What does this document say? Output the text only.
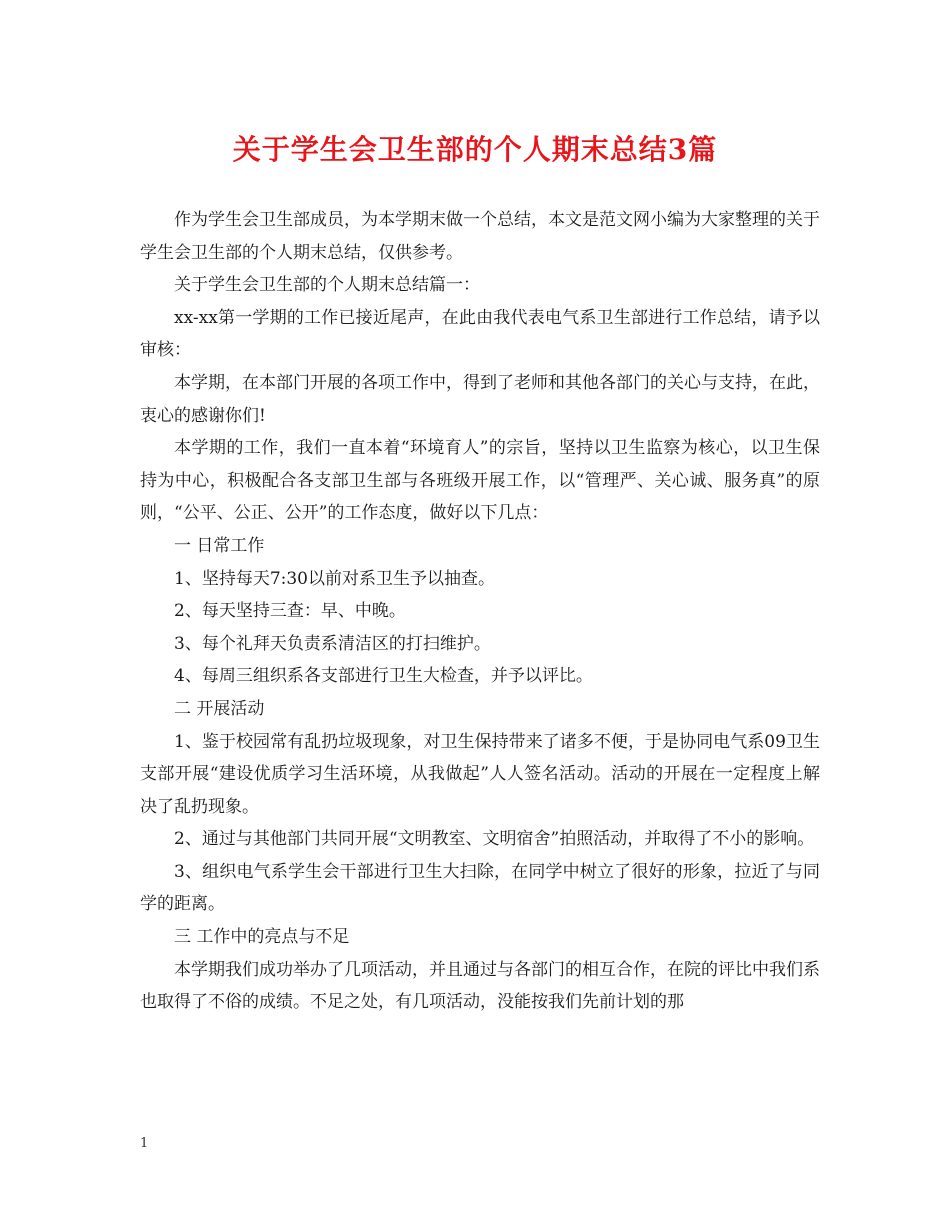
关于学生会卫生部的个人期末总结3篇

作为学生会卫生部成员，为本学期末做一个总结，本文是范文网小编为大家整理的关于学生会卫生部的个人期末总结，仅供参考。

关于学生会卫生部的个人期末总结篇一：

xx-xx第一学期的工作已接近尾声，在此由我代表电气系卫生部进行工作总结，请予以审核：

本学期，在本部门开展的各项工作中，得到了老师和其他各部门的关心与支持，在此，衷心的感谢你们!

本学期的工作，我们一直本着“环境育人”的宗旨，坚持以卫生监察为核心，以卫生保持为中心，积极配合各支部卫生部与各班级开展工作，以“管理严、关心诚、服务真”的原则，“公平、公正、公开”的工作态度，做好以下几点：

一 日常工作

1、坚持每天7:30以前对系卫生予以抽查。

2、每天坚持三查：早、中晚。

3、每个礼拜天负责系清洁区的打扫维护。

4、每周三组织系各支部进行卫生大检查，并予以评比。

二 开展活动

1、鉴于校园常有乱扔垃圾现象，对卫生保持带来了诸多不便，于是协同电气系09卫生支部开展“建设优质学习生活环境，从我做起”人人签名活动。活动的开展在一定程度上解决了乱扔现象。

2、通过与其他部门共同开展“文明教室、文明宿舍”拍照活动，并取得了不小的影响。

3、组织电气系学生会干部进行卫生大扫除，在同学中树立了很好的形象，拉近了与同学的距离。

三 工作中的亮点与不足

本学期我们成功举办了几项活动，并且通过与各部门的相互合作，在院的评比中我们系也取得了不俗的成绩。不足之处，有几项活动，没能按我们先前计划的那

1
